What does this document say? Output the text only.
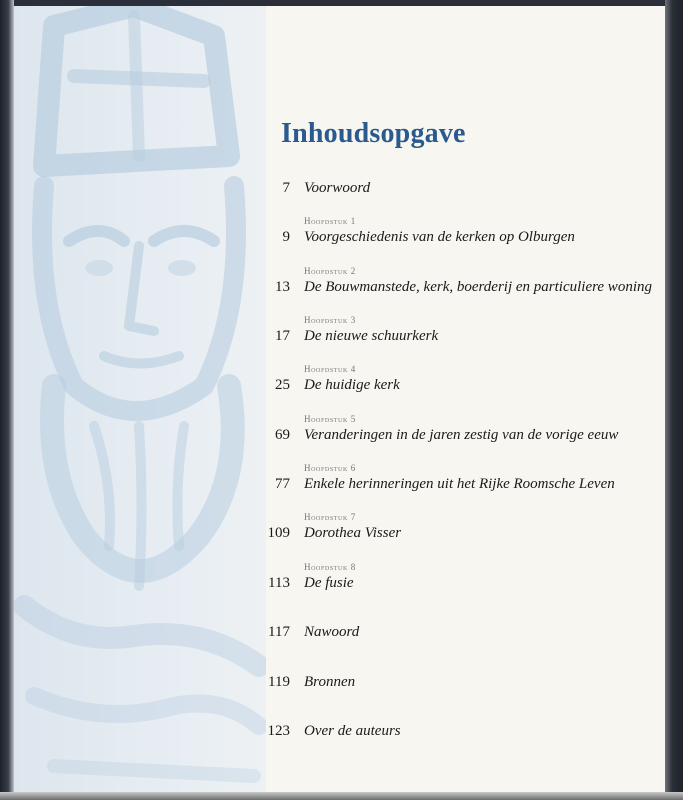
Inhoudsopgave
7 Voorwoord
Hoofdstuk 1
9 Voorgeschiedenis van de kerken op Olburgen
Hoofdstuk 2
13 De Bouwmanstede, kerk, boerderij en particuliere woning
Hoofdstuk 3
17 De nieuwe schuurkerk
Hoofdstuk 4
25 De huidige kerk
Hoofdstuk 5
69 Veranderingen in de jaren zestig van de vorige eeuw
Hoofdstuk 6
77 Enkele herinneringen uit het Rijke Roomsche Leven
Hoofdstuk 7
109 Dorothea Visser
Hoofdstuk 8
113 De fusie
117 Nawoord
119 Bronnen
123 Over de auteurs
